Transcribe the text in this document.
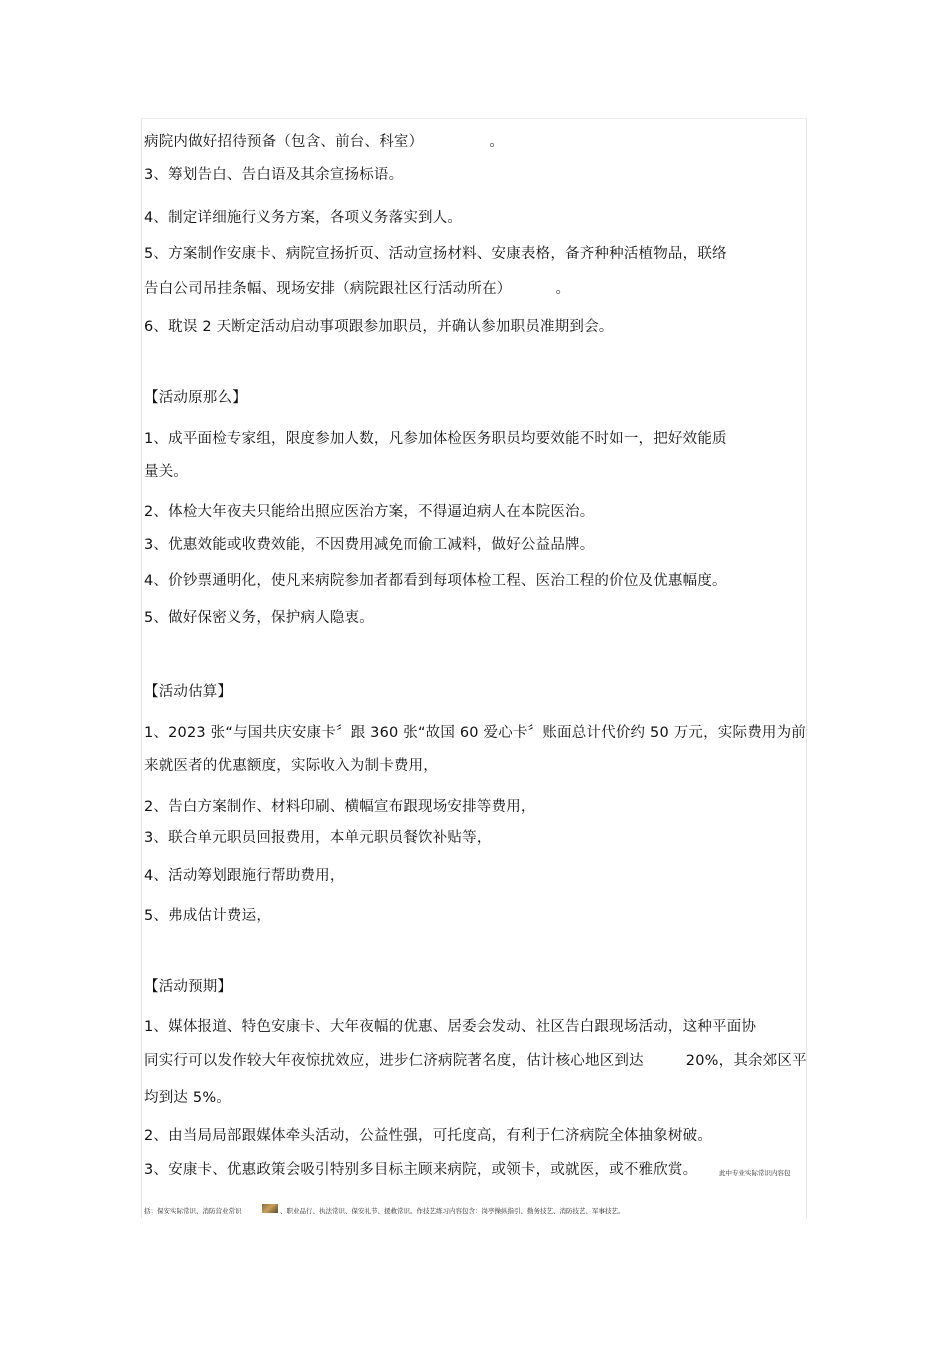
病院内做好招待预备（包含、前台、科室）	。
3、筹划告白、告白语及其余宣扬标语。
4、制定详细施行义务方案，各项义务落实到人。
5、方案制作安康卡、病院宣扬折页、活动宣扬材料、安康表格，备齐种种活植物品，联络
告白公司吊挂条幅、现场安排（病院跟社区行活动所在）	。
6、耽误 2 天断定活动启动事项跟参加职员，并确认参加职员准期到会。
【活动原那么】
1、成平面检专家组，限度参加人数，凡参加体检医务职员均要效能不时如一，把好效能质
量关。
2、体检大年夜夫只能给出照应医治方案，不得逼迫病人在本院医治。
3、优惠效能或收费效能，不因费用减免而偷工减料，做好公益品牌。
4、价钞票通明化，使凡来病院参加者都看到每项体检工程、医治工程的价位及优惠幅度。
5、做好保密义务，保护病人隐衷。
【活动估算】
1、2023 张“与国共庆安康卡〞跟 360 张“故国 60 爱心卡〞账面总计代价约 50 万元，实际费用为前
来就医者的优惠额度，实际收入为制卡费用，
2、告白方案制作、材料印刷、横幅宣布跟现场安排等费用，
3、联合单元职员回报费用，本单元职员餐饮补贴等，
4、活动筹划跟施行帮助费用，
5、弗成估计费运，
【活动预期】
1、媒体报道、特色安康卡、大年夜幅的优惠、居委会发动、社区告白跟现场活动，这种平面协
同实行可以发作较大年夜惊扰效应，进步仁济病院著名度，估计核心地区到达	20%，其余郊区平
均到达 5%。
2、由当局局部跟媒体牵头活动，公益性强，可托度高，有利于仁济病院全体抽象树破。
3、安康卡、优惠政策会吸引特别多目标主顾来病院，或领卡，或就医，或不雅欣赏。	此中专业实际常识内容包
括：保安实际常识、消防营业常识	、职业品行、执法常识、保安礼节、援救常识。作技艺练习内容包含：岗亭操纵指引、勤务技艺、消防技艺、军事技艺。
